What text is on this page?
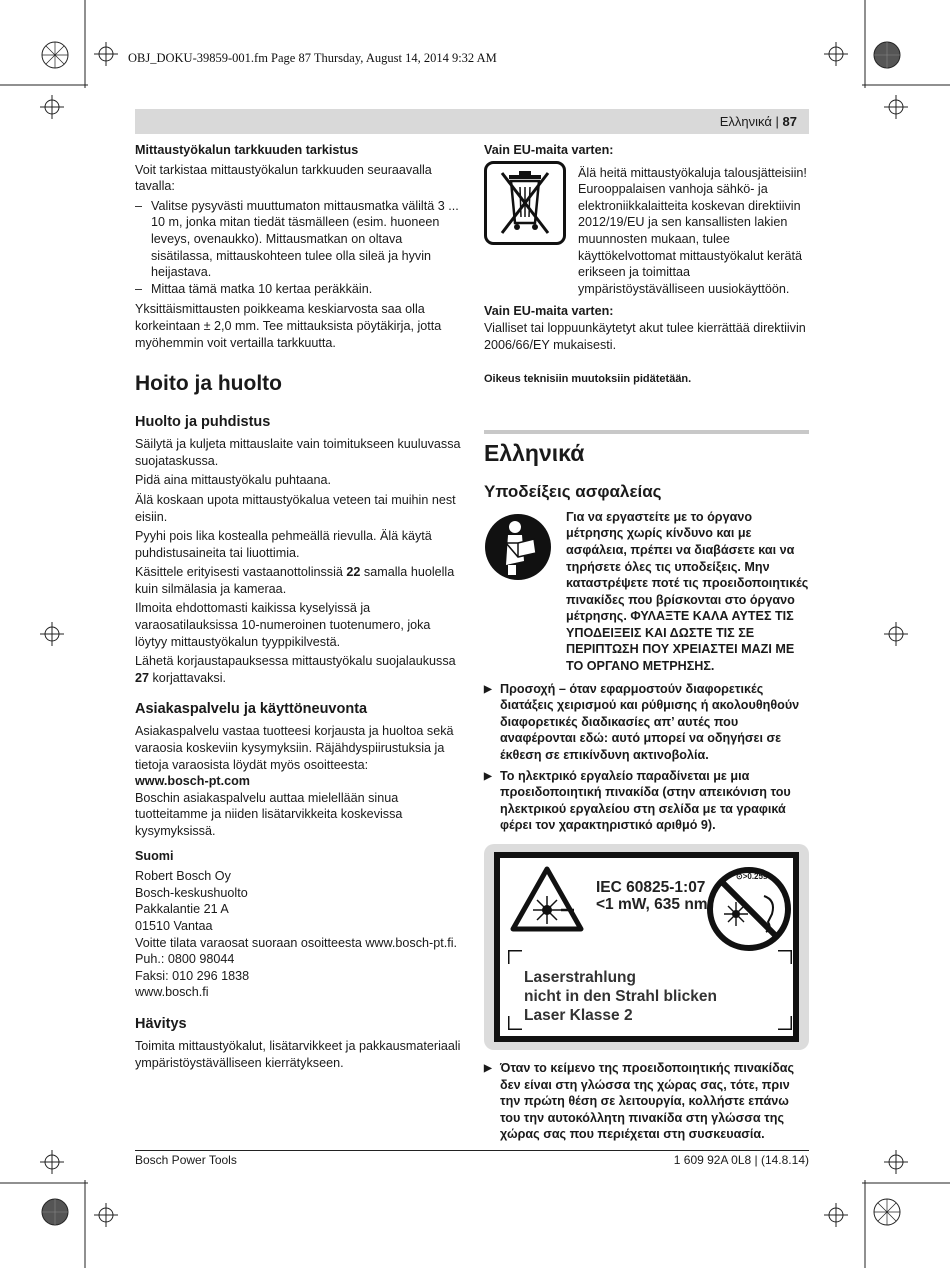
OBJ_DOKU-39859-001.fm Page 87 Thursday, August 14, 2014 9:32 AM
Ελληνικά | 87

Mittaustyökalun tarkkuuden tarkistus

Voit tarkistaa mittaustyökalun tarkkuuden seuraavalla tavalla:

– Valitse pysyvästi muuttumaton mittausmatka väliltä 3 ... 10 m, jonka mitan tiedät täsmälleen (esim. huoneen leveys, ovenaukko). Mittausmatkan on oltava sisätilassa, mittauskohteen tulee olla sileä ja hyvin heijastava.
– Mittaa tämä matka 10 kertaa peräkkäin.

Yksittäismittausten poikkeama keskiarvosta saa olla korkeintaan ± 2,0 mm. Tee mittauksista pöytäkirja, jotta myöhemmin voit vertailla tarkkuutta.

Hoito ja huolto
Huolto ja puhdistus

Säilytä ja kuljeta mittauslaite vain toimitukseen kuuluvassa suojataskussa.

Pidä aina mittaustyökalu puhtaana.

Älä koskaan upota mittaustyökalua veteen tai muihin nest eisiin.

Pyyhi pois lika kostealla pehmeällä rievulla. Älä käytä puhdistusaineita tai liuottimia.

Käsittele erityisesti vastaanottolinssiä 22 samalla huolella kuin silmälasia ja kameraa.

Ilmoita ehdottomasti kaikissa kyselyissä ja varaosatilauksissa 10-numeroinen tuotenumero, joka löytyy mittaustyökalun tyyppikilvestä.

Lähetä korjaustapauksessa mittaustyökalu suojalaukussa 27 korjattavaksi.

Asiakaspalvelu ja käyttöneuvonta

Asiakaspalvelu vastaa tuotteesi korjausta ja huoltoa sekä varaosia koskeviin kysymyksiin. Räjähdyspiirustuksia ja tietoja varaosista löydät myös osoitteesta:

www.bosch-pt.com

Boschin asiakaspalvelu auttaa mielellään sinua tuotteitamme ja niiden lisätarvikkeita koskevissa kysymyksissä.

Suomi

Robert Bosch Oy
Bosch-keskushuolto
Pakkalantie 21 A
01510 Vantaa
Voitte tilata varaosat suoraan osoitteesta www.bosch-pt.fi.
Puh.: 0800 98044
Faksi: 010 296 1838
www.bosch.fi
Hävitys

Toimita mittaustyökalut, lisätarvikkeet ja pakkausmateriaali ympäristöystävälliseen kierrätykseen.

Vain EU-maita varten:

Älä heitä mittaustyökaluja talousjätteisiin! Eurooppalaisen vanhoja sähkö- ja elektroniikkalaitteita koskevan direktiivin 2012/19/EU ja sen kansallisten lakien muunnosten mukaan, tulee käyttökelvottomat mittaustyökalut kerätä erikseen ja toimittaa ympäristöystävälliseen uusiokäyttöön.

Vain EU-maita varten:

Vialliset tai loppuunkäytetyt akut tulee kierrättää direktiivin 2006/66/EY mukaisesti.

Oikeus teknisiin muutoksiin pidätetään.

Ελληνικά
Υποδείξεις ασφαλείας

Για να εργαστείτε με το όργανο μέτρησης χωρίς κίνδυνο και με ασφάλεια, πρέπει να διαβάσετε και να τηρήσετε όλες τις υποδείξεις. Μην καταστρέψετε ποτέ τις προειδοποιητικές πινακίδες που βρίσκονται στο όργανο μέτρησης. ΦΥΛΑΞΤΕ ΚΑΛΑ ΑΥΤΕΣ ΤΙΣ ΥΠΟΔΕΙΞΕΙΣ ΚΑΙ ΔΩΣΤΕ ΤΙΣ ΣΕ ΠΕΡΙΠΤΩΣΗ ΠΟΥ ΧΡΕΙΑΣΤΕΙ ΜΑΖΙ ΜΕ ΤΟ ΟΡΓΑΝΟ ΜΕΤΡΗΣΗΣ.

▶ Προσοχή – όταν εφαρμοστούν διαφορετικές διατάξεις χειρισμού και ρύθμισης ή ακολουθηθούν διαφορετικές διαδικασίες απ’ αυτές που αναφέρονται εδώ: αυτό μπορεί να οδηγήσει σε έκθεση σε επικίνδυνη ακτινοβολία.
▶ Το ηλεκτρικό εργαλείο παραδίνεται με μια προειδοποιητική πινακίδα (στην απεικόνιση του ηλεκτρικού εργαλείου στη σελίδα με τα γραφικά φέρει τον χαρακτηριστικό αριθμό 9).
IEC 60825-1:07
<1 mW, 635 nm
⊙>0.25s
Laserstrahlung
nicht in den Strahl blicken
Laser Klasse 2
▶ Όταν το κείμενο της προειδοποιητικής πινακίδας δεν είναι στη γλώσσα της χώρας σας, τότε, πριν την πρώτη θέση σε λειτουργία, κολλήστε επάνω του την αυτοκόλλητη πινακίδα στη γλώσσα της χώρας σας που περιέχεται στη συσκευασία.
Bosch Power Tools	1 609 92A 0L8 | (14.8.14)
